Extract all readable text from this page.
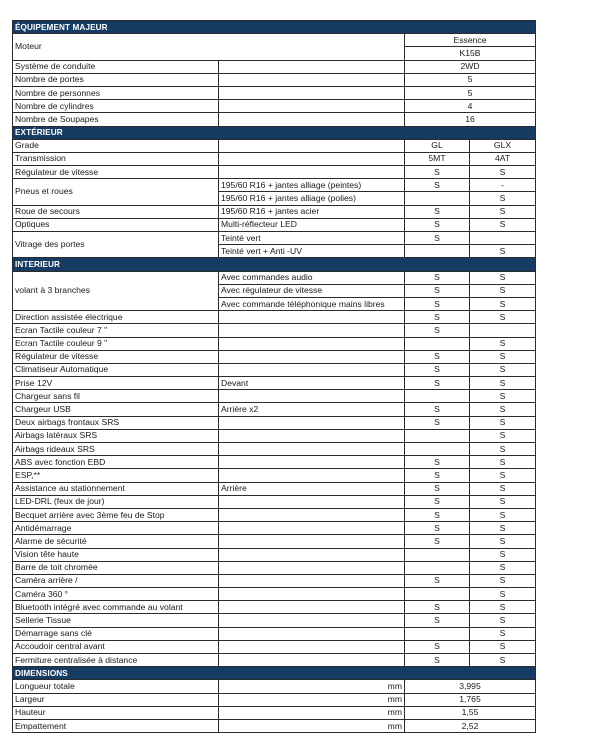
ÉQUIPEMENT MAJEUR			
Moteur		Essence	
		K15B	
Système de conduite		2WD	
Nombre de portes		5	
Nombre de personnes		5	
Nombre de cylindres		4	
Nombre de Soupapes		16	
EXTÉRIEUR			
Grade		GL	GLX
Transmission		5MT	4AT
Régulateur de vitesse		S	S
Pneus et roues	195/60 R16 + jantes alliage (peintes)	S	-
	195/60 R16 + jantes alliage (polies)		S
Roue de secours	195/60 R16 + jantes acier	S	S
Optiques	Multi-réflecteur LED	S	S
Vitrage des portes	Teinté vert	S	
	Teinté vert + Anti -UV		S
INTERIEUR			
volant à 3 branches	Avec commandes audio	S	S
	Avec régulateur de vitesse	S	S
	Avec commande téléphonique mains libres	S	S
Direction assistée électrique		S	S
Ecran Tactile couleur 7 "		S	
Ecran Tactile couleur 9 "			S
Régulateur de vitesse		S	S
Climatiseur Automatique		S	S
Prise 12V	Devant	S	S
Chargeur sans fil			S
Chargeur USB	Arrière x2	S	S
Deux airbags frontaux SRS		S	S
Airbags latéraux SRS			S
Airbags rideaux SRS			S
ABS avec fonction EBD		S	S
ESP,**		S	S
Assistance au stationnement	Arrière	S	S
LED-DRL (feux de jour)		S	S
Becquet arrière avec 3ème feu de Stop		S	S
Antidémarrage		S	S
Alarme de sécurité		S	S
Vision tête haute			S
Barre de toit chromée			S
Caméra arrière /		S	S
Caméra 360 °			S
Bluetooth intégré avec commande au volant		S	S
Sellerie Tissue		S	S
Démarrage sans clé			S
Accoudoir central avant		S	S
Fermiture centralisée à distance		S	S
DIMENSIONS			
Longueur totale	mm	3,995	
Largeur	mm	1,765	
Hauteur	mm	1,55	
Empattement	mm	2,52	
